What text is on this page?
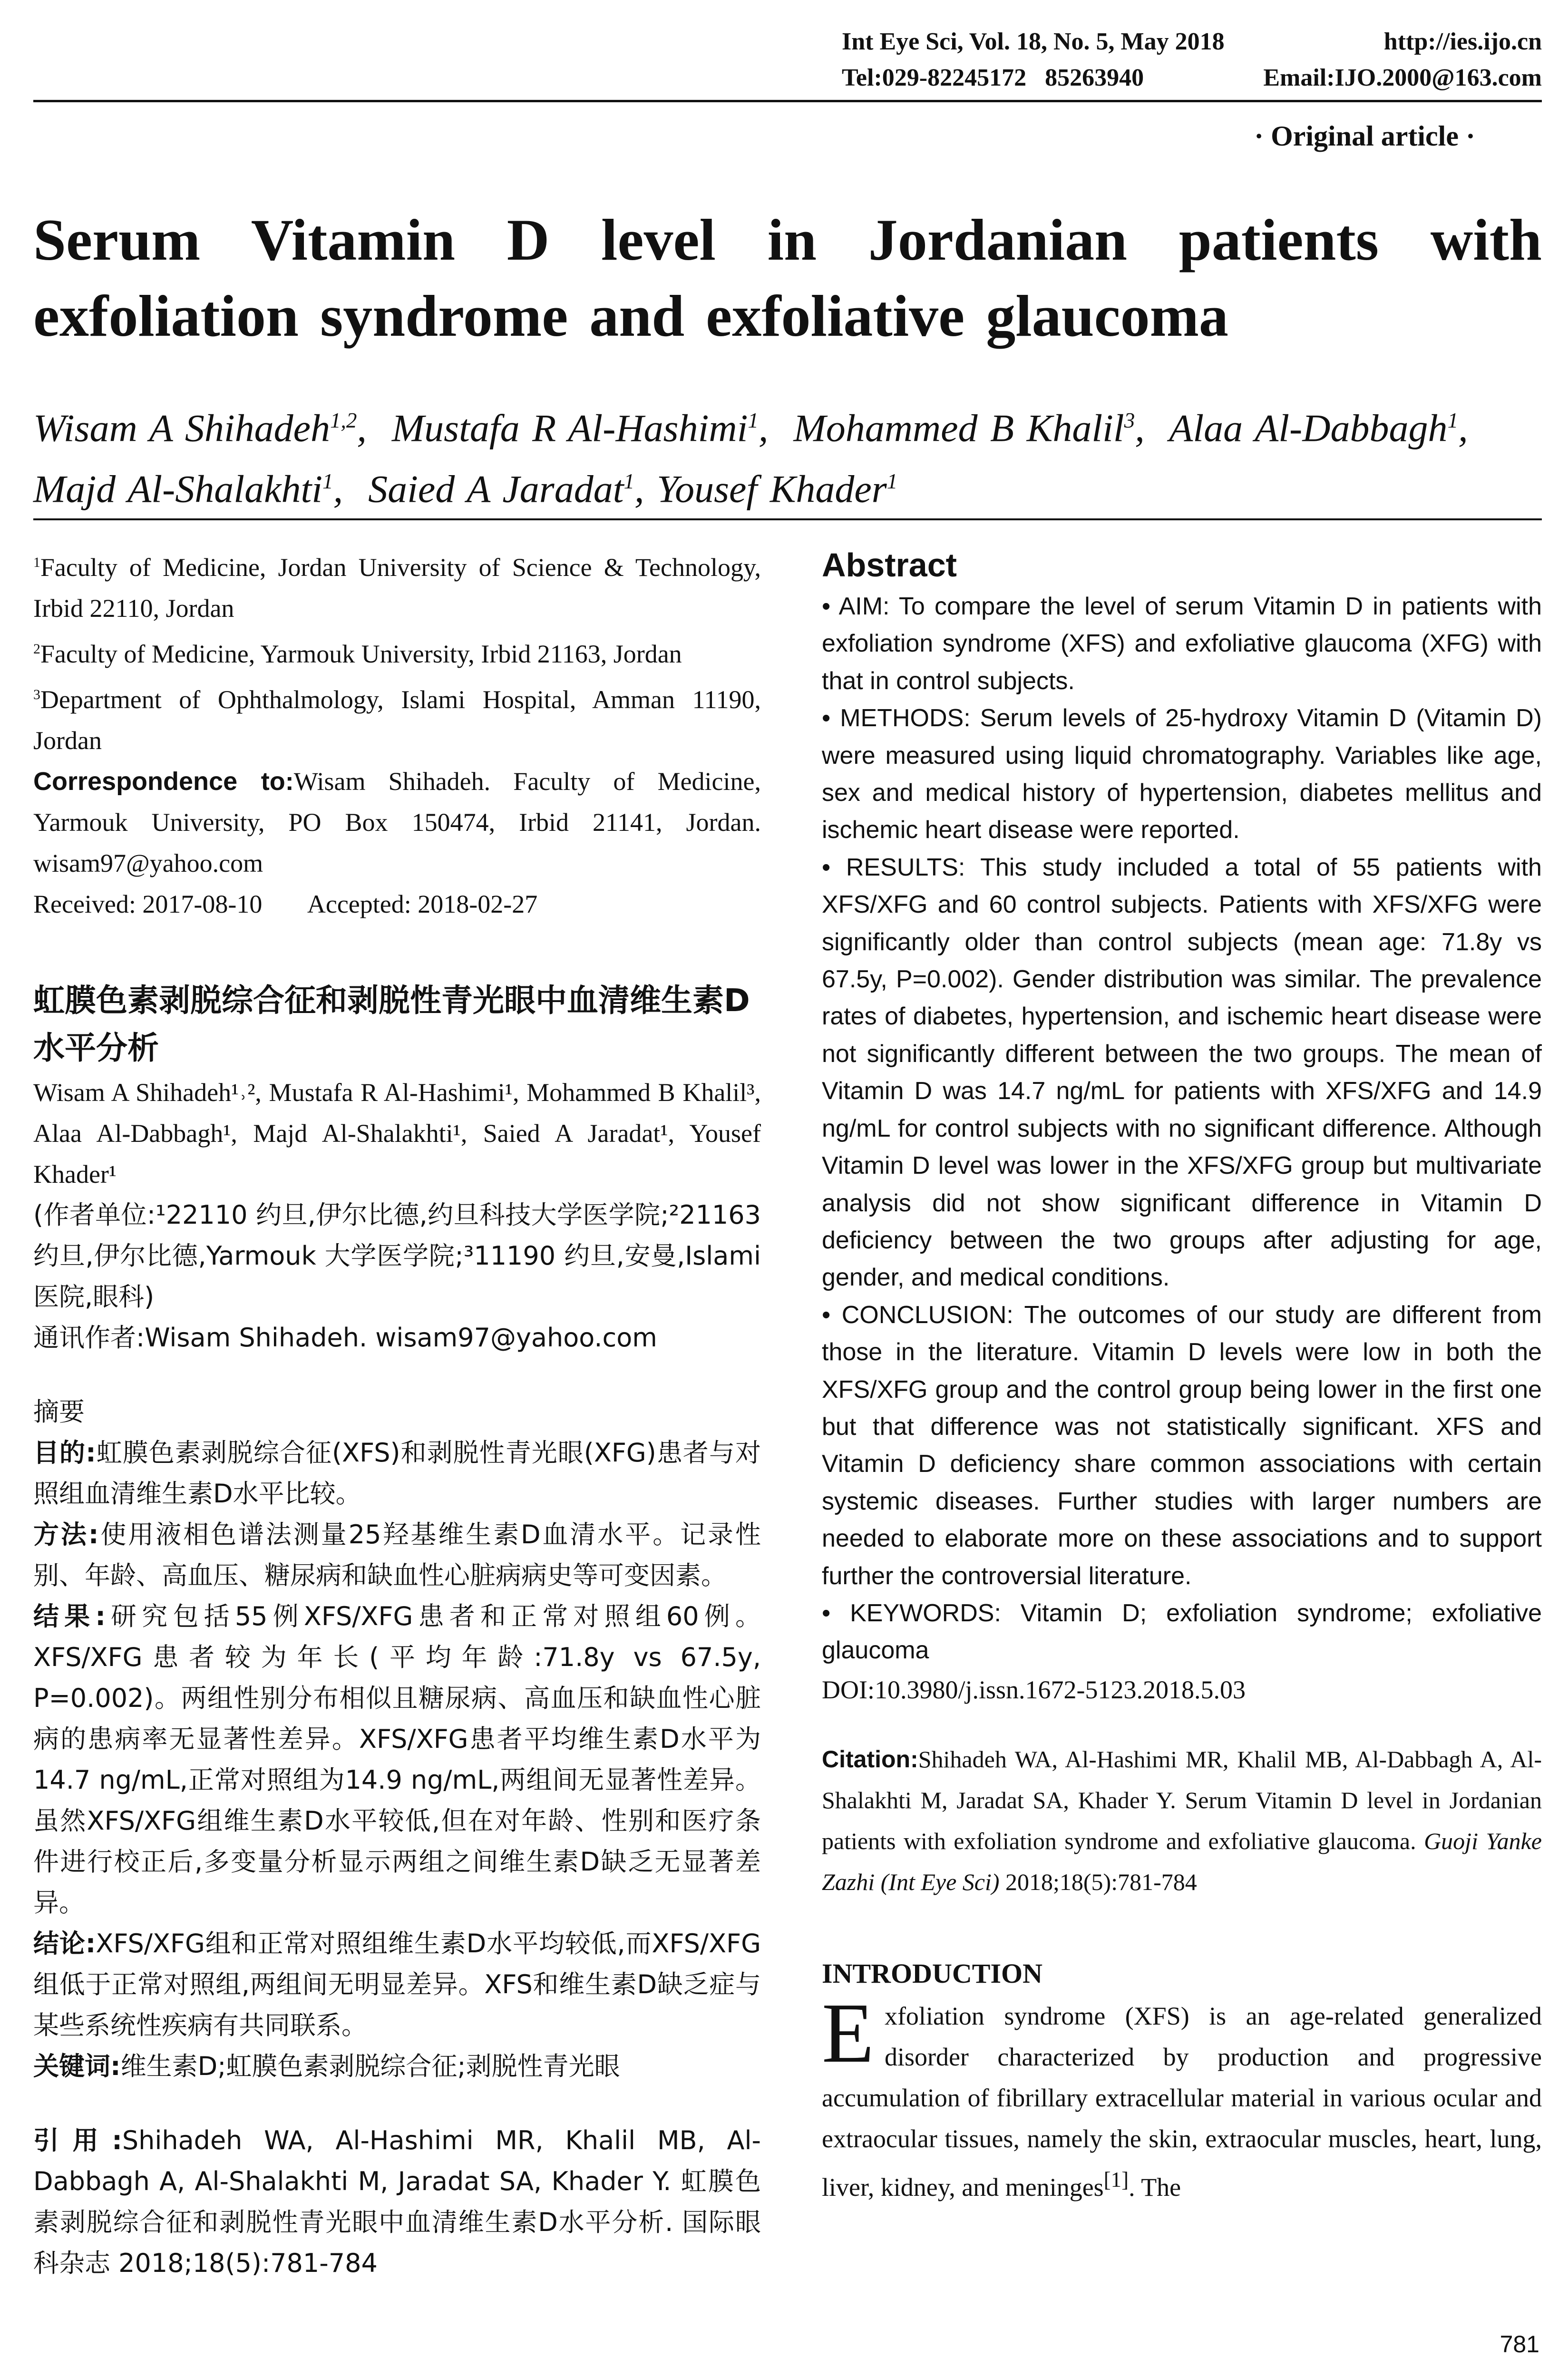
Int Eye Sci, Vol. 18, No. 5, May 2018	http://ies.ijo.cn
Tel:029-82245172   85263940	Email:IJO.2000@163.com
· Original article ·
Serum Vitamin D level in Jordanian patients with exfoliation syndrome and exfoliative glaucoma

Wisam A Shihadeh$^{1,2}$,  Mustafa R Al-Hashimi$^1$,  Mohammed B Khalil$^3$,  Alaa Al-Dabbagh$^1$,  Majd Al-Shalakhti$^1$,  Saied A Jaradat$^1$, Yousef Khader$^1$

$^1$Faculty of Medicine, Jordan University of Science & Technology, Irbid 22110, Jordan

$^2$Faculty of Medicine, Yarmouk University, Irbid 21163, Jordan

$^3$Department of Ophthalmology, Islami Hospital, Amman 11190, Jordan

Correspondence to:Wisam Shihadeh. Faculty of Medicine, Yarmouk University, PO Box 150474, Irbid 21141, Jordan. wisam97@yahoo.com

Received: 2017-08-10 Accepted: 2018-02-27

虹膜色素剥脱综合征和剥脱性青光眼中血清维生素D水平分析

Wisam A Shihadeh¹˒², Mustafa R Al-Hashimi¹, Mohammed B Khalil³, Alaa Al-Dabbagh¹, Majd Al-Shalakhti¹, Saied A Jaradat¹, Yousef Khader¹

(作者单位:¹22110 约旦,伊尔比德,约旦科技大学医学院;²21163约旦,伊尔比德,Yarmouk 大学医学院;³11190 约旦,安曼,Islami 医院,眼科)

通讯作者:Wisam Shihadeh. wisam97@yahoo.com

摘要

目的:虹膜色素剥脱综合征(XFS)和剥脱性青光眼(XFG)患者与对照组血清维生素D水平比较。

方法:使用液相色谱法测量25羟基维生素D血清水平。记录性别、年龄、高血压、糖尿病和缺血性心脏病病史等可变因素。

结果:研究包括55例XFS/XFG患者和正常对照组60例。XFS/XFG患者较为年长(平均年龄:71.8y vs 67.5y, P=0.002)。两组性别分布相似且糖尿病、高血压和缺血性心脏病的患病率无显著性差异。XFS/XFG患者平均维生素D水平为14.7 ng/mL,正常对照组为14.9 ng/mL,两组间无显著性差异。虽然XFS/XFG组维生素D水平较低,但在对年龄、性别和医疗条件进行校正后,多变量分析显示两组之间维生素D缺乏无显著差异。

结论:XFS/XFG组和正常对照组维生素D水平均较低,而XFS/XFG组低于正常对照组,两组间无明显差异。XFS和维生素D缺乏症与某些系统性疾病有共同联系。

关键词:维生素D;虹膜色素剥脱综合征;剥脱性青光眼

引用:Shihadeh WA, Al-Hashimi MR, Khalil MB, Al-Dabbagh A, Al-Shalakhti M, Jaradat SA, Khader Y. 虹膜色素剥脱综合征和剥脱性青光眼中血清维生素D水平分析. 国际眼科杂志 2018;18(5):781-784

Abstract

• AIM: To compare the level of serum Vitamin D in patients with exfoliation syndrome (XFS) and exfoliative glaucoma (XFG) with that in control subjects.

• METHODS: Serum levels of 25-hydroxy Vitamin D (Vitamin D) were measured using liquid chromatography. Variables like age, sex and medical history of hypertension, diabetes mellitus and ischemic heart disease were reported.

• RESULTS: This study included a total of 55 patients with XFS/XFG and 60 control subjects. Patients with XFS/XFG were significantly older than control subjects (mean age: 71.8y vs 67.5y, P=0.002). Gender distribution was similar. The prevalence rates of diabetes, hypertension, and ischemic heart disease were not significantly different between the two groups. The mean of Vitamin D was 14.7 ng/mL for patients with XFS/XFG and 14.9 ng/mL for control subjects with no significant difference. Although Vitamin D level was lower in the XFS/XFG group but multivariate analysis did not show significant difference in Vitamin D deficiency between the two groups after adjusting for age, gender, and medical conditions.

• CONCLUSION: The outcomes of our study are different from those in the literature. Vitamin D levels were low in both the XFS/XFG group and the control group being lower in the first one but that difference was not statistically significant. XFS and Vitamin D deficiency share common associations with certain systemic diseases. Further studies with larger numbers are needed to elaborate more on these associations and to support further the controversial literature.

• KEYWORDS: Vitamin D; exfoliation syndrome; exfoliative glaucoma

DOI:10.3980/j.issn.1672-5123.2018.5.03

Citation:Shihadeh WA, Al-Hashimi MR, Khalil MB, Al-Dabbagh A, Al-Shalakhti M, Jaradat SA, Khader Y. Serum Vitamin D level in Jordanian patients with exfoliation syndrome and exfoliative glaucoma. Guoji Yanke Zazhi (Int Eye Sci) 2018;18(5):781-784

INTRODUCTION

Exfoliation syndrome (XFS) is an age-related generalized disorder characterized by production and progressive accumulation of fibrillary extracellular material in various ocular and extraocular tissues, namely the skin, extraocular muscles, heart, lung, liver, kidney, and meninges[1]. The

781
